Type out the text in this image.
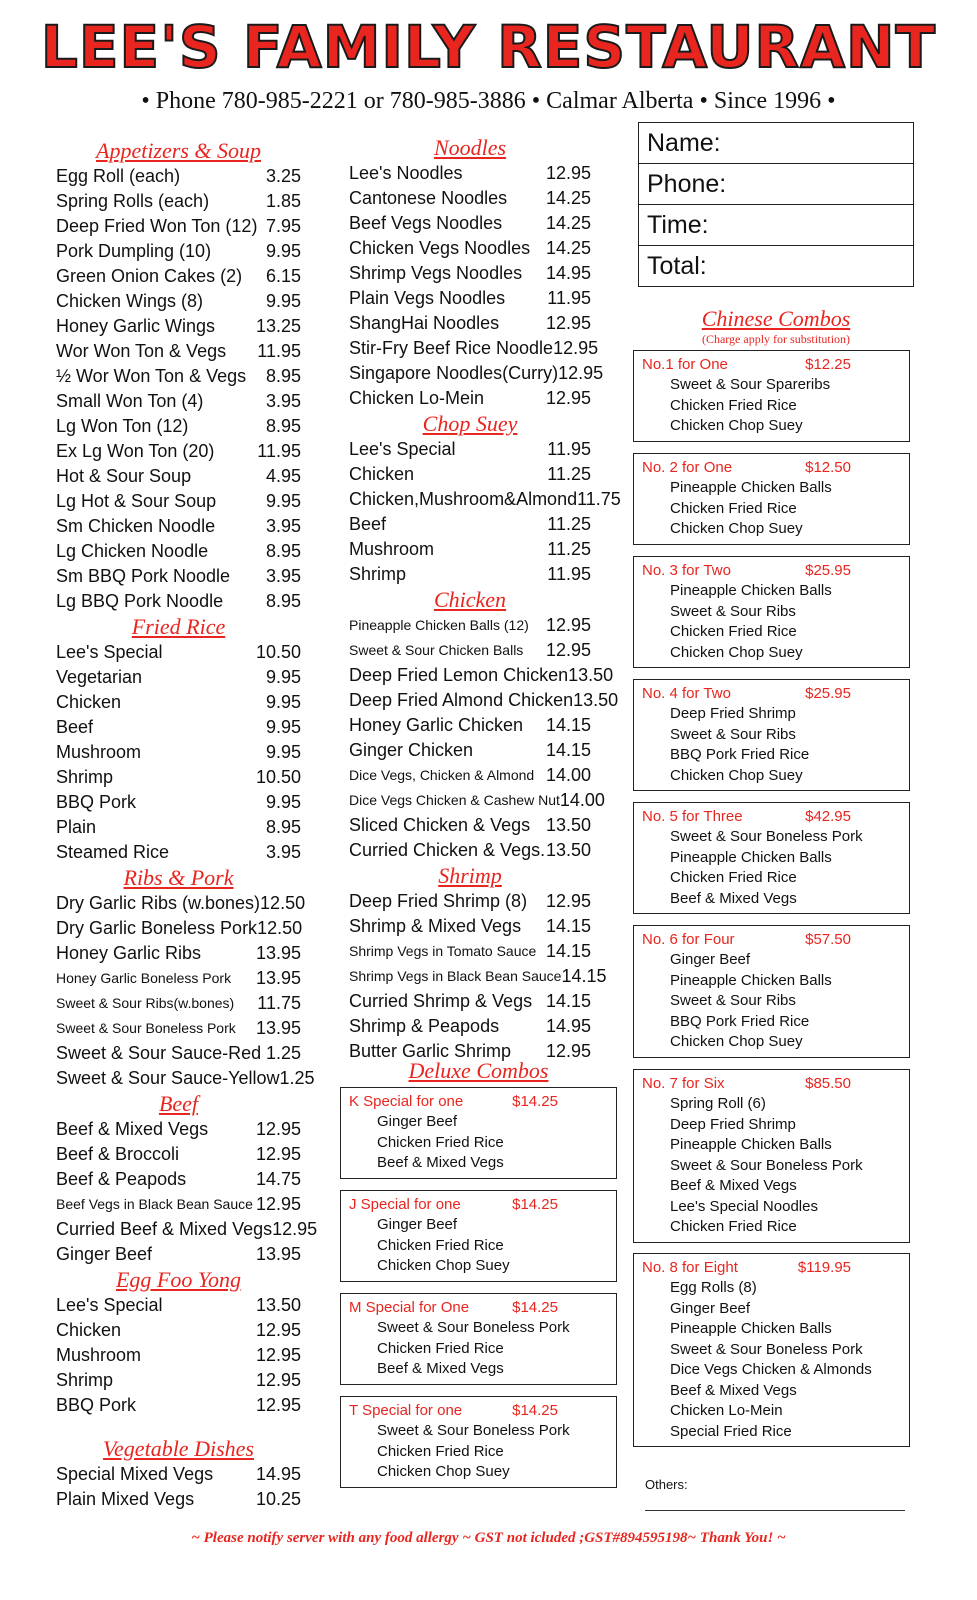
LEE'S FAMILY RESTAURANT
• Phone 780-985-2221 or 780-985-3886 • Calmar Alberta • Since 1996 •
Appetizers & Soup
Egg Roll (each)	3.25
Spring Rolls (each)	1.85
Deep Fried Won Ton (12) 7.95
Pork Dumpling (10)	9.95
Green Onion Cakes (2) 6.15
Chicken Wings (8)	9.95
Honey Garlic Wings 13.25
Wor Won Ton & Vegs 11.95
½ Wor Won Ton & Vegs 8.95
Small Won Ton (4)	3.95
Lg Won Ton (12)	8.95
Ex Lg Won Ton (20) 11.95
Hot & Sour Soup	4.95
Lg Hot & Sour Soup	9.95
Sm Chicken Noodle	3.95
Lg Chicken Noodle	8.95
Sm BBQ Pork Noodle 3.95
Lg BBQ Pork Noodle 8.95
Fried Rice
Lee's Special	10.50
Vegetarian	9.95
Chicken	9.95
Beef	9.95
Mushroom	9.95
Shrimp	10.50
BBQ Pork	9.95
Plain	8.95
Steamed Rice	3.95
Ribs & Pork
Dry Garlic Ribs (w.bones) 12.50
Dry Garlic Boneless Pork 12.50
Honey Garlic Ribs	13.95
Honey Garlic Boneless Pork 13.95
Sweet & Sour Ribs(w.bones) 11.75
Sweet & Sour Boneless Pork 13.95
Sweet & Sour Sauce-Red 1.25
Sweet & Sour Sauce-Yellow 1.25
Beef
Beef & Mixed Vegs	12.95
Beef & Broccoli	12.95
Beef & Peapods	14.75
Beef Vegs in Black Bean Sauce 12.95
Curried Beef & Mixed Vegs 12.95
Ginger Beef	13.95
Egg Foo Yong
Lee's Special	13.50
Chicken	12.95
Mushroom	12.95
Shrimp	12.95
BBQ Pork	12.95
Vegetable Dishes
Special Mixed Vegs 14.95
Plain Mixed Vegs	10.25
Noodles
Lee's Noodles	12.95
Cantonese Noodles 14.25
Beef Vegs Noodles 14.25
Chicken Vegs Noodles 14.25
Shrimp Vegs Noodles 14.95
Plain Vegs Noodles 11.95
ShangHai Noodles	12.95
Stir-Fry Beef Rice Noodle 12.95
Singapore Noodles(Curry) 12.95
Chicken Lo-Mein	12.95
Chop Suey
Lee's Special	11.95
Chicken	11.25
Chicken,Mushroom&Almond 11.75
Beef	11.25
Mushroom	11.25
Shrimp	11.95
Chicken
Pineapple Chicken Balls (12) 12.95
Sweet & Sour Chicken Balls 12.95
Deep Fried Lemon Chicken 13.50
Deep Fried Almond Chicken 13.50
Honey Garlic Chicken 14.15
Ginger Chicken	14.15
Dice Vegs, Chicken & Almond 14.00
Dice Vegs Chicken & Cashew Nut 14.00
Sliced Chicken & Vegs 13.50
Curried Chicken & Vegs. 13.50
Shrimp
Deep Fried Shrimp (8) 12.95
Shrimp & Mixed Vegs 14.15
Shrimp Vegs in Tomato Sauce 14.15
Shrimp Vegs in Black Bean Sauce 14.15
Curried Shrimp & Vegs 14.15
Shrimp & Peapods	14.95
Butter Garlic Shrimp 12.95
Deluxe Combos
Name:
Phone:
Time:
Total:
Chinese Combos
(Charge apply for substitution)
Others:
~ Please notify server with any food allergy ~ GST not icluded ;GST#894595198~ Thank You! ~
K Special for one	$14.25
Ginger Beef
Chicken Fried Rice
Beef & Mixed Vegs
J Special for one	$14.25
Ginger Beef
Chicken Fried Rice
Chicken Chop Suey
M Special for One	$14.25
Sweet & Sour Boneless Pork
Chicken Fried Rice
Beef & Mixed Vegs
T Special for one	$14.25
Sweet & Sour Boneless Pork
Chicken Fried Rice
Chicken Chop Suey
No.1 for One	$12.25
Sweet & Sour Spareribs
Chicken Fried Rice
Chicken Chop Suey
No. 2 for One	$12.50
Pineapple Chicken Balls
Chicken Fried Rice
Chicken Chop Suey
No. 3 for Two	$25.95
Pineapple Chicken Balls
Sweet & Sour Ribs
Chicken Fried Rice
Chicken Chop Suey
No. 4 for Two	$25.95
Deep Fried Shrimp
Sweet & Sour Ribs
BBQ Pork Fried Rice
Chicken Chop Suey
No. 5 for Three	$42.95
Sweet & Sour Boneless Pork
Pineapple Chicken Balls
Chicken Fried Rice
Beef & Mixed Vegs
No. 6 for Four	$57.50
Ginger Beef
Pineapple Chicken Balls
Sweet & Sour Ribs
BBQ Pork Fried Rice
Chicken Chop Suey
No. 7 for Six	$85.50
Spring Roll (6)
Deep Fried Shrimp
Pineapple Chicken Balls
Sweet & Sour Boneless Pork
Beef & Mixed Vegs
Lee's Special Noodles
Chicken Fried Rice
No. 8 for Eight	$119.95
Egg Rolls (8)
Ginger Beef
Pineapple Chicken Balls
Sweet & Sour Boneless Pork
Dice Vegs Chicken & Almonds
Beef & Mixed Vegs
Chicken Lo-Mein
Special Fried Rice
